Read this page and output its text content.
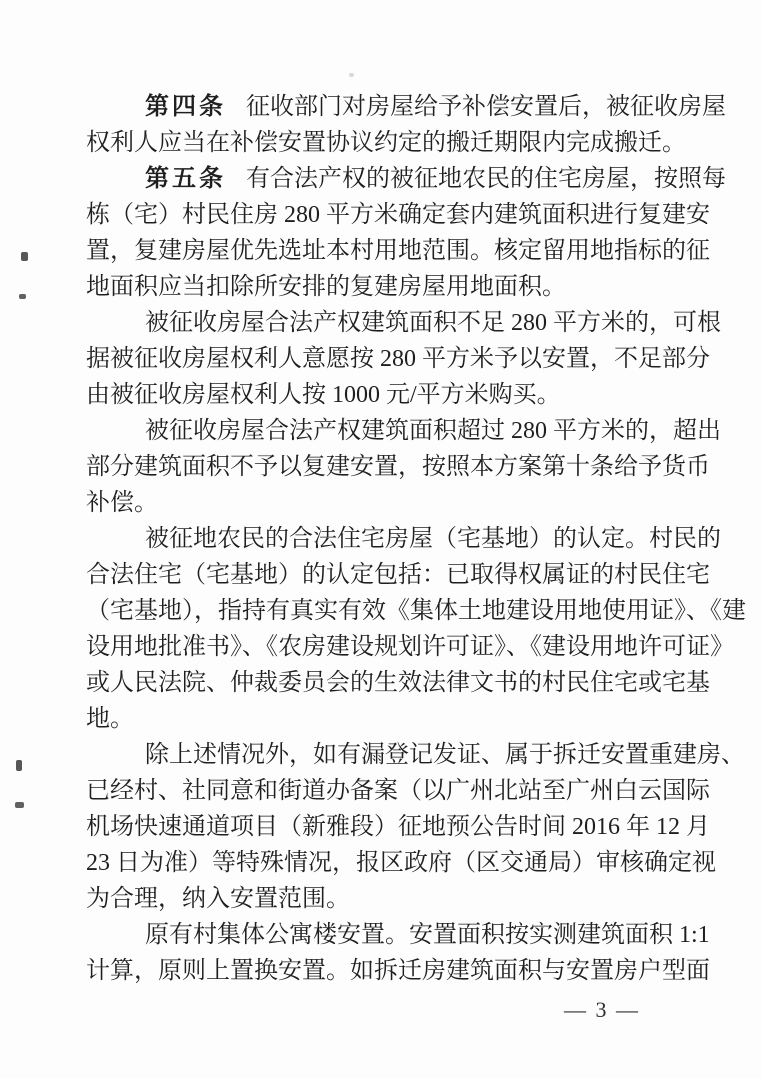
第四条 征收部门对房屋给予补偿安置后，被征收房屋
权利人应当在补偿安置协议约定的搬迁期限内完成搬迁。
第五条 有合法产权的被征地农民的住宅房屋，按照每
栋（宅）村民住房 280 平方米确定套内建筑面积进行复建安
置，复建房屋优先选址本村用地范围。核定留用地指标的征
地面积应当扣除所安排的复建房屋用地面积。
被征收房屋合法产权建筑面积不足 280 平方米的，可根
据被征收房屋权利人意愿按 280 平方米予以安置，不足部分
由被征收房屋权利人按 1000 元/平方米购买。
被征收房屋合法产权建筑面积超过 280 平方米的，超出
部分建筑面积不予以复建安置，按照本方案第十条给予货币
补偿。
被征地农民的合法住宅房屋（宅基地）的认定。村民的
合法住宅（宅基地）的认定包括：已取得权属证的村民住宅
（宅基地），指持有真实有效《集体土地建设用地使用证》、《建
设用地批准书》、《农房建设规划许可证》、《建设用地许可证》
或人民法院、仲裁委员会的生效法律文书的村民住宅或宅基
地。
除上述情况外，如有漏登记发证、属于拆迁安置重建房、
已经村、社同意和街道办备案（以广州北站至广州白云国际
机场快速通道项目（新雅段）征地预公告时间 2016 年 12 月
23 日为准）等特殊情况，报区政府（区交通局）审核确定视
为合理，纳入安置范围。
原有村集体公寓楼安置。安置面积按实测建筑面积 1:1
计算，原则上置换安置。如拆迁房建筑面积与安置房户型面
— 3 —
